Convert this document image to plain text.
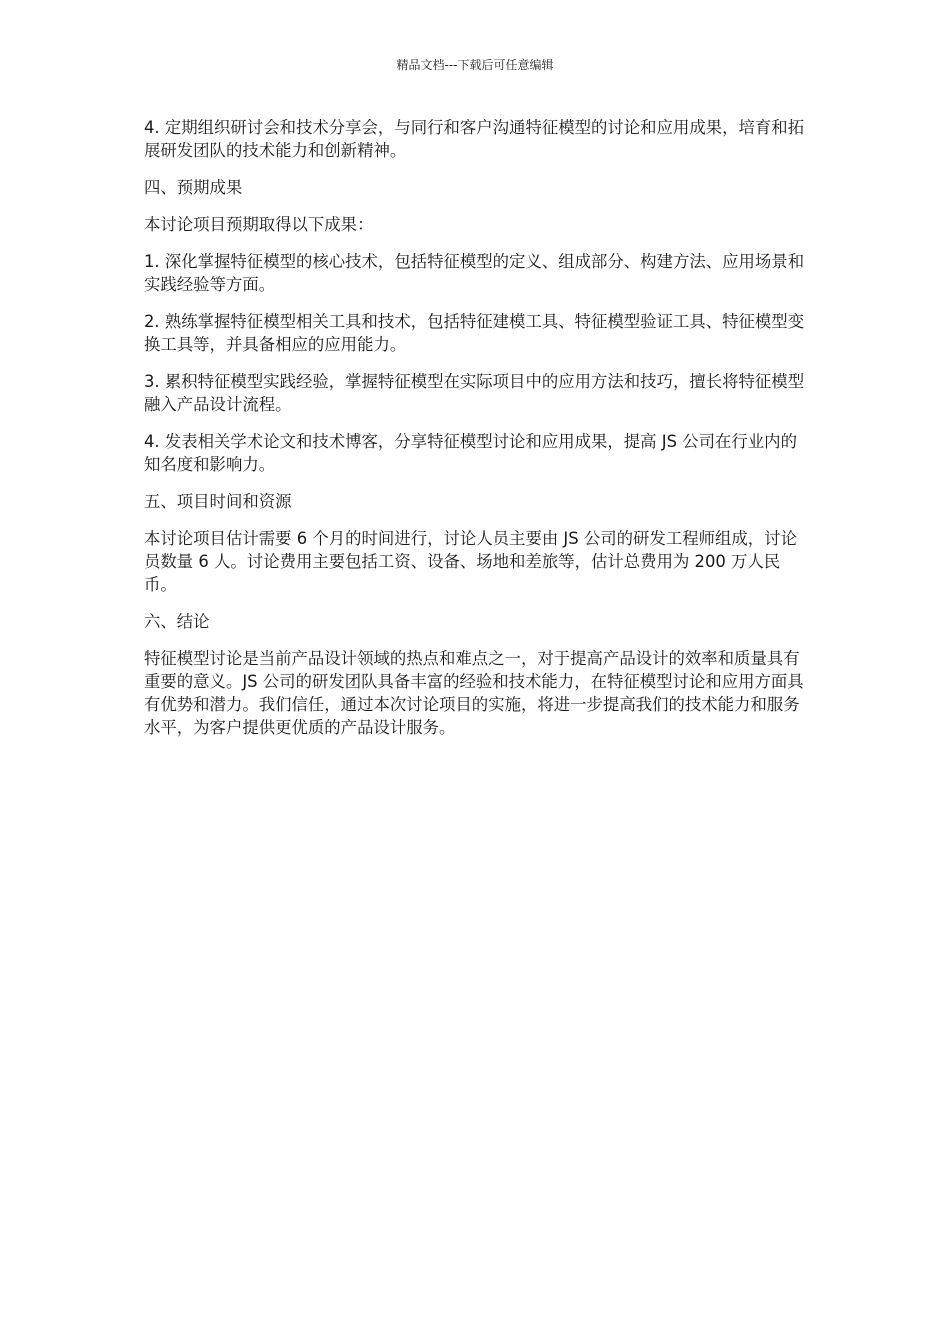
精品文档---下载后可任意编辑

4. 定期组织研讨会和技术分享会，与同行和客户沟通特征模型的讨论和应用成果，培育和拓展研发团队的技术能力和创新精神。

四、预期成果

本讨论项目预期取得以下成果：

1. 深化掌握特征模型的核心技术，包括特征模型的定义、组成部分、构建方法、应用场景和实践经验等方面。

2. 熟练掌握特征模型相关工具和技术，包括特征建模工具、特征模型验证工具、特征模型变换工具等，并具备相应的应用能力。

3. 累积特征模型实践经验，掌握特征模型在实际项目中的应用方法和技巧，擅长将特征模型融入产品设计流程。

4. 发表相关学术论文和技术博客，分享特征模型讨论和应用成果，提高 JS 公司在行业内的知名度和影响力。

五、项目时间和资源

本讨论项目估计需要 6 个月的时间进行，讨论人员主要由 JS 公司的研发工程师组成，讨论员数量 6 人。讨论费用主要包括工资、设备、场地和差旅等，估计总费用为 200 万人民币。

六、结论

特征模型讨论是当前产品设计领域的热点和难点之一，对于提高产品设计的效率和质量具有重要的意义。JS 公司的研发团队具备丰富的经验和技术能力，在特征模型讨论和应用方面具有优势和潜力。我们信任，通过本次讨论项目的实施，将进一步提高我们的技术能力和服务水平，为客户提供更优质的产品设计服务。
